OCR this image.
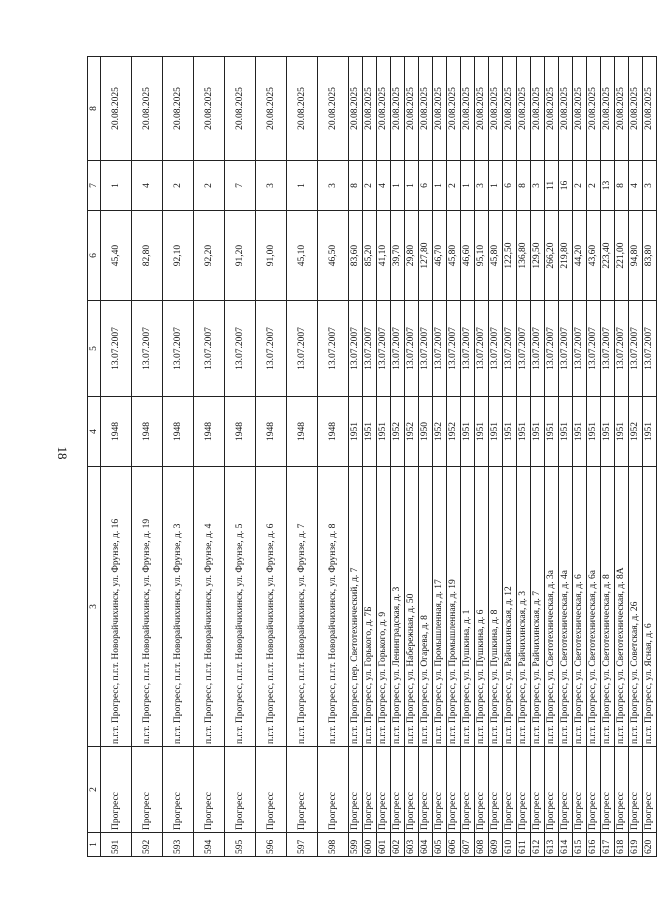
18
1	2	3	4	5	6	7	8
591	Прогресс	п.г.т. Прогресс, п.г.т. Новорайчихинск, ул. Фрунзе, д. 16	1948	13.07.2007	45,40	1	20.08.2025
592	Прогресс	п.г.т. Прогресс, п.г.т. Новорайчихинск, ул. Фрунзе, д. 19	1948	13.07.2007	82,80	4	20.08.2025
593	Прогресс	п.г.т. Прогресс, п.г.т. Новорайчихинск, ул. Фрунзе, д. 3	1948	13.07.2007	92,10	2	20.08.2025
594	Прогресс	п.г.т. Прогресс, п.г.т. Новорайчихинск, ул. Фрунзе, д. 4	1948	13.07.2007	92,20	2	20.08.2025
595	Прогресс	п.г.т. Прогресс, п.г.т. Новорайчихинск, ул. Фрунзе, д. 5	1948	13.07.2007	91,20	7	20.08.2025
596	Прогресс	п.г.т. Прогресс, п.г.т. Новорайчихинск, ул. Фрунзе, д. 6	1948	13.07.2007	91,00	3	20.08.2025
597	Прогресс	п.г.т. Прогресс, п.г.т. Новорайчихинск, ул. Фрунзе, д. 7	1948	13.07.2007	45,10	1	20.08.2025
598	Прогресс	п.г.т. Прогресс, п.г.т. Новорайчихинск, ул. Фрунзе, д. 8	1948	13.07.2007	46,50	3	20.08.2025
599	Прогресс	п.г.т. Прогресс, пер. Светотехнический, д. 7	1951	13.07.2007	83,60	8	20.08.2025
600	Прогресс	п.г.т. Прогресс, ул. Горького, д. 7Б	1951	13.07.2007	85,20	2	20.08.2025
601	Прогресс	п.г.т. Прогресс, ул. Горького, д. 9	1951	13.07.2007	41,10	4	20.08.2025
602	Прогресс	п.г.т. Прогресс, ул. Ленинградская, д. 3	1952	13.07.2007	39,70	1	20.08.2025
603	Прогресс	п.г.т. Прогресс, ул. Набережная, д. 50	1952	13.07.2007	29,80	1	20.08.2025
604	Прогресс	п.г.т. Прогресс, ул. Огарева, д. 8	1950	13.07.2007	127,80	6	20.08.2025
605	Прогресс	п.г.т. Прогресс, ул. Промышленная, д. 17	1952	13.07.2007	46,70	1	20.08.2025
606	Прогресс	п.г.т. Прогресс, ул. Промышленная, д. 19	1952	13.07.2007	45,80	2	20.08.2025
607	Прогресс	п.г.т. Прогресс, ул. Пушкина, д. 1	1951	13.07.2007	46,60	1	20.08.2025
608	Прогресс	п.г.т. Прогресс, ул. Пушкина, д. 6	1951	13.07.2007	95,10	3	20.08.2025
609	Прогресс	п.г.т. Прогресс, ул. Пушкина, д. 8	1951	13.07.2007	45,80	1	20.08.2025
610	Прогресс	п.г.т. Прогресс, ул. Райчихинская, д. 12	1951	13.07.2007	122,50	6	20.08.2025
611	Прогресс	п.г.т. Прогресс, ул. Райчихинская, д. 3	1951	13.07.2007	136,80	8	20.08.2025
612	Прогресс	п.г.т. Прогресс, ул. Райчихинская, д. 7	1951	13.07.2007	129,50	3	20.08.2025
613	Прогресс	п.г.т. Прогресс, ул. Светотехническая, д. 3а	1951	13.07.2007	266,20	11	20.08.2025
614	Прогресс	п.г.т. Прогресс, ул. Светотехническая, д. 4а	1951	13.07.2007	219,80	16	20.08.2025
615	Прогресс	п.г.т. Прогресс, ул. Светотехническая, д. 6	1951	13.07.2007	44,20	2	20.08.2025
616	Прогресс	п.г.т. Прогресс, ул. Светотехническая, д. 6а	1951	13.07.2007	43,60	2	20.08.2025
617	Прогресс	п.г.т. Прогресс, ул. Светотехническая, д. 8	1951	13.07.2007	223,40	13	20.08.2025
618	Прогресс	п.г.т. Прогресс, ул. Светотехническая, д. 8А	1951	13.07.2007	221,00	8	20.08.2025
619	Прогресс	п.г.т. Прогресс, ул. Советская, д. 26	1952	13.07.2007	94,80	4	20.08.2025
620	Прогресс	п.г.т. Прогресс, ул. Ясная, д. 6	1951	13.07.2007	83,80	3	20.08.2025
